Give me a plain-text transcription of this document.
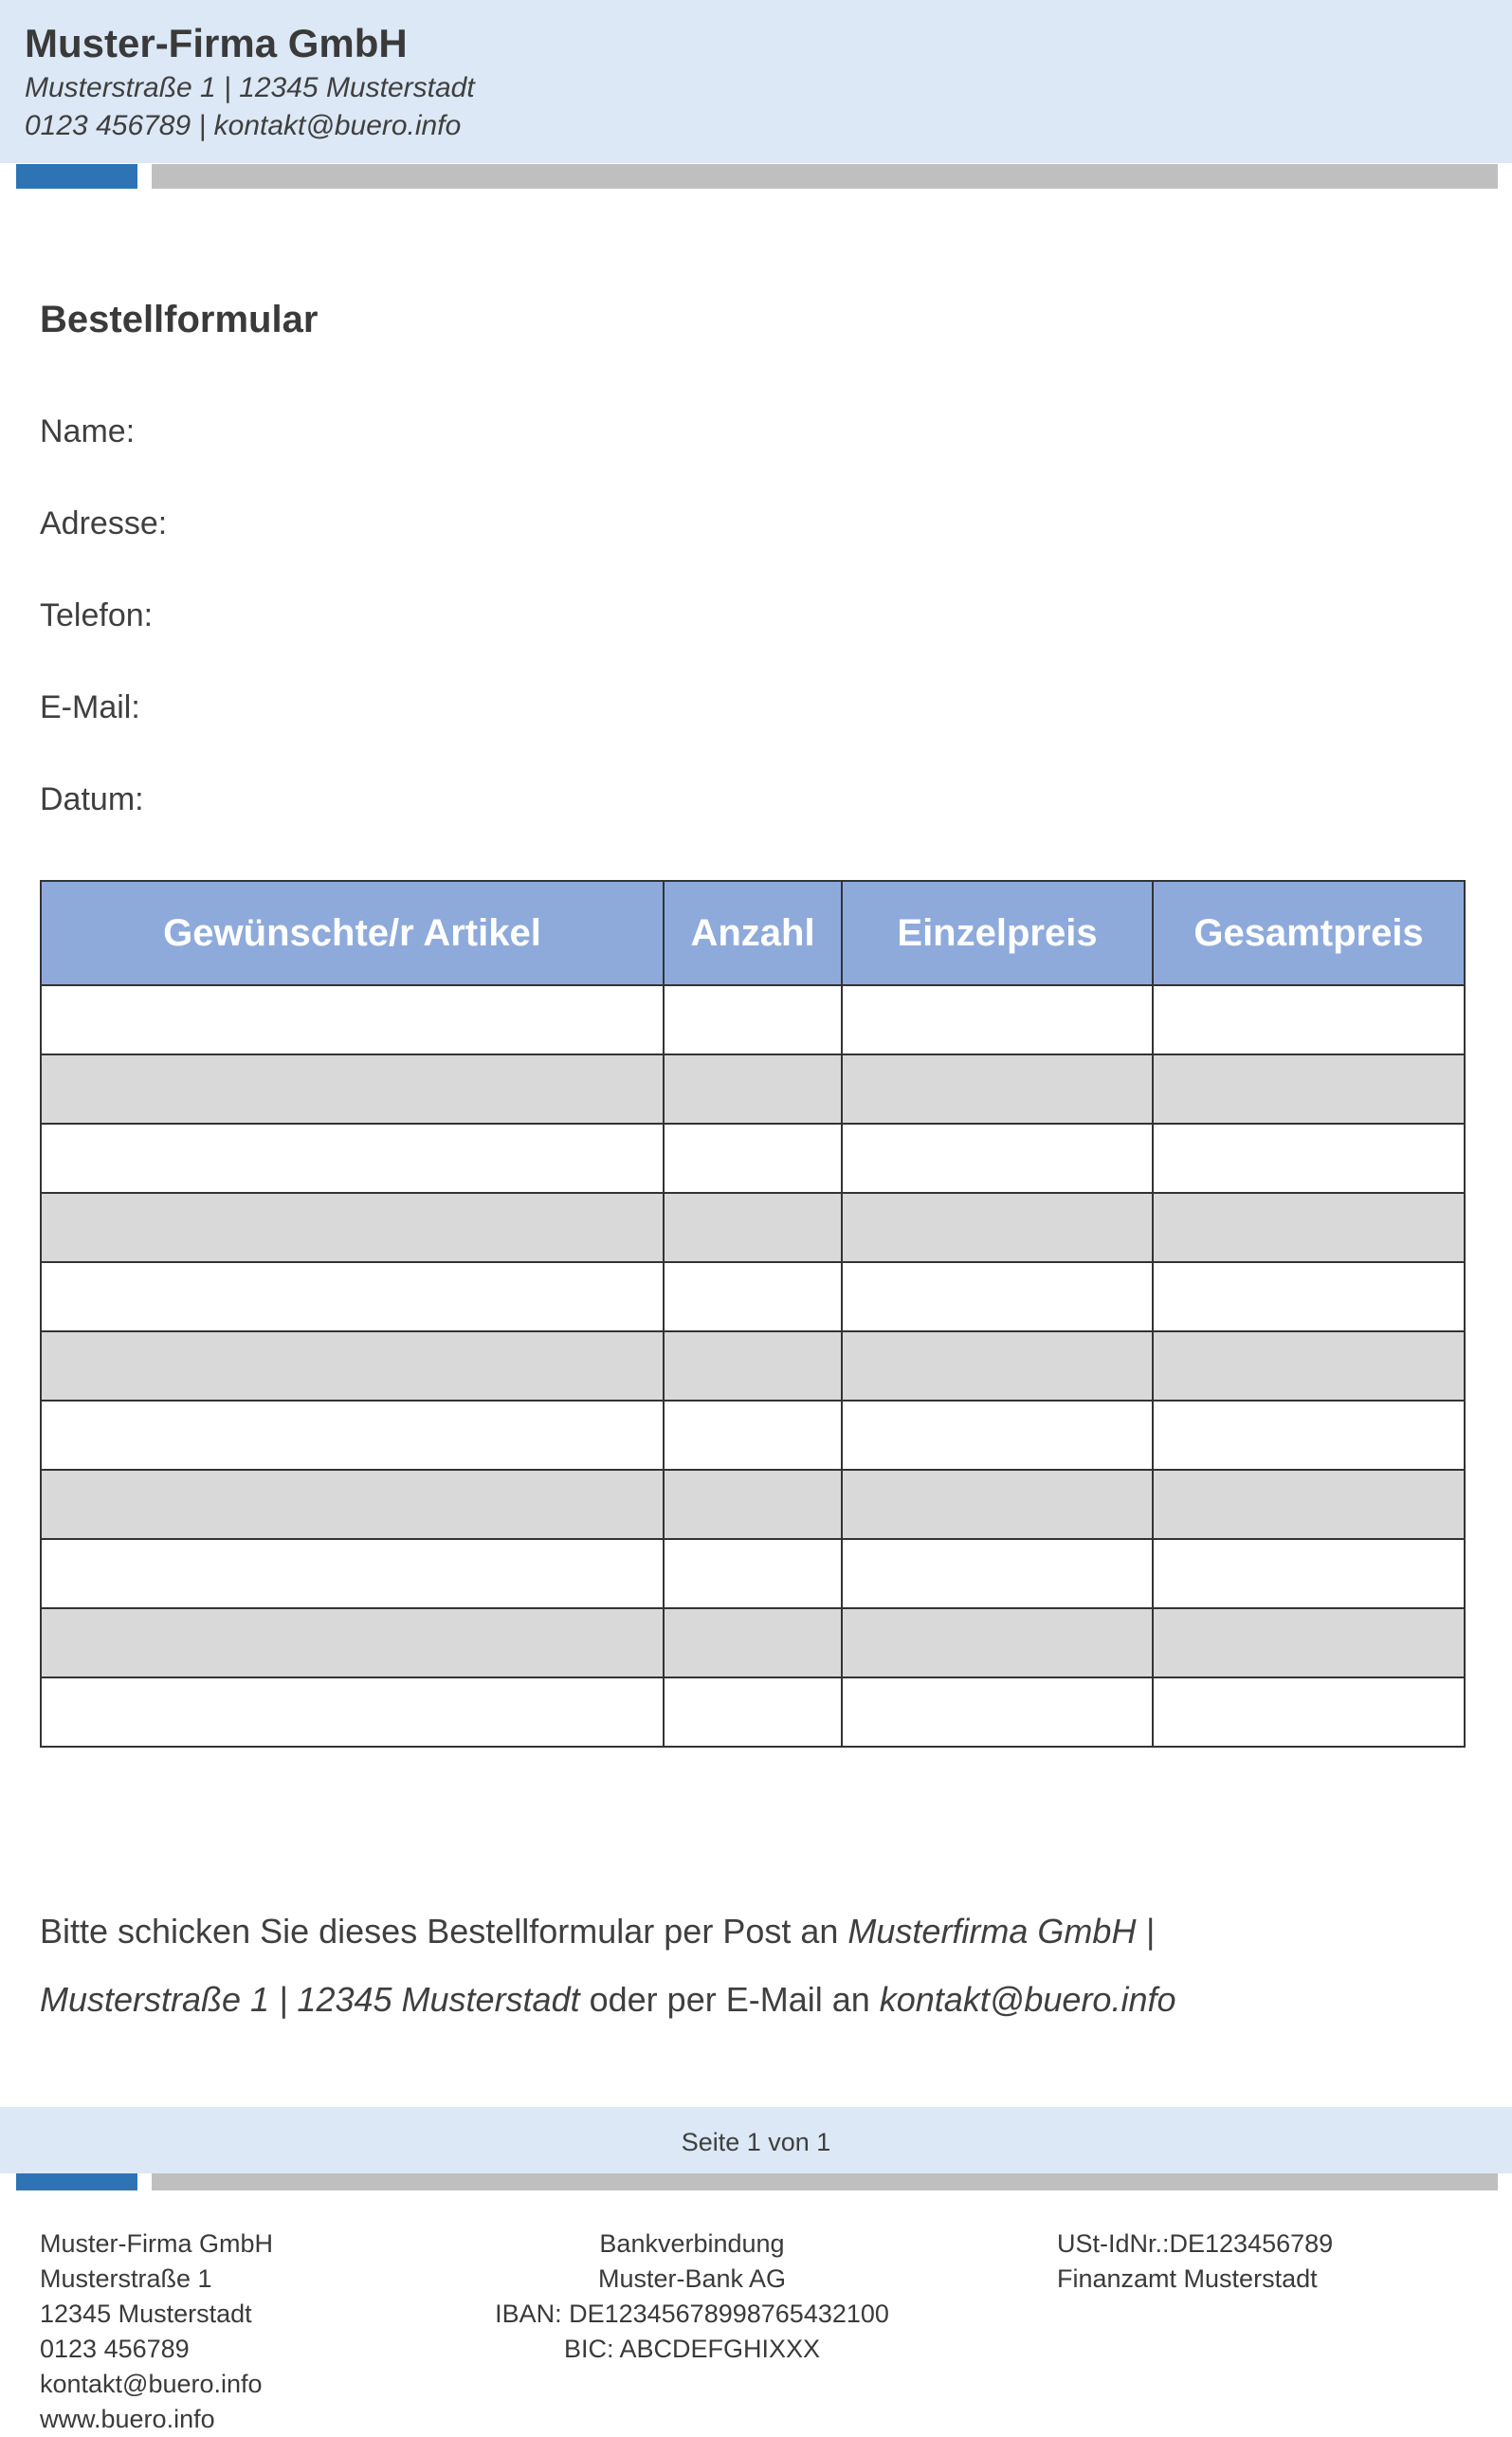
Muster-Firma GmbH
Musterstraße 1 | 12345 Musterstadt
0123 456789 | kontakt@buero.info
Bestellformular
Name:
Adresse:
Telefon:
E-Mail:
Datum:
Gewünschte/r Artikel	Anzahl	Einzelpreis	Gesamtpreis

Bitte schicken Sie dieses Bestellformular per Post an Musterfirma GmbH |
Musterstraße 1 | 12345 Musterstadt oder per E-Mail an kontakt@buero.info
Seite 1 von 1
Muster-Firma GmbH
Musterstraße 1
12345 Musterstadt
0123 456789
kontakt@buero.info
www.buero.info
Bankverbindung
Muster-Bank AG
IBAN: DE12345678998765432100
BIC: ABCDEFGHIXXX
USt-IdNr.:DE123456789
Finanzamt Musterstadt
